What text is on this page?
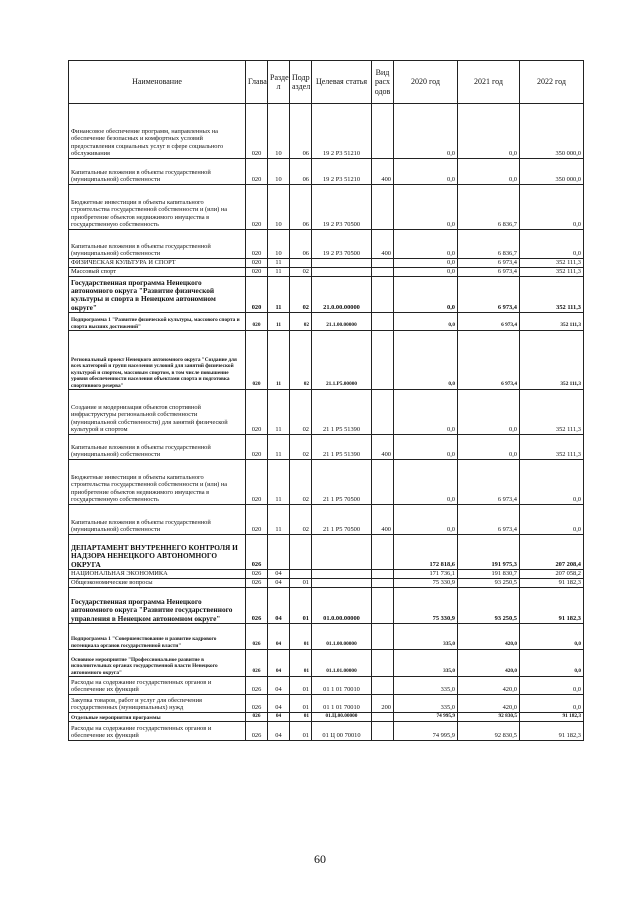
Наименование	Глава	Разде л	Подр аздел	Целевая статья	Вид расх одов	2020 год	2021 год	2022 год
Финансовое обеспечение программ, направленных на обеспечение безопасных и комфортных условий предоставления социальных услуг в сфере социального обслуживания	020	10	06	19 2 P3 51210		0,0	0,0	350 000,0
Капитальные вложения в объекты государственной (муниципальной) собственности	020	10	06	19 2 P3 51210	400	0,0	0,0	350 000,0
Бюджетные инвестиции в объекты капитального строительства государственной собственности и (или) на приобретение объектов недвижимого имущества в государственную собственность	020	10	06	19 2 P3 70500		0,0	6 836,7	0,0
Капитальные вложения в объекты государственной (муниципальной) собственности	020	10	06	19 2 P3 70500	400	0,0	6 836,7	0,0
ФИЗИЧЕСКАЯ КУЛЬТУРА И СПОРТ	020	11				0,0	6 973,4	352 111,3
Массовый спорт	020	11	02			0,0	6 973,4	352 111,3
Государственная программа Ненецкого автономного округа "Развитие физической культуры и спорта в Ненецком автономном округе"	020	11	02	21.0.00.00000		0,0	6 973,4	352 111,3
Подпрограмма 1 "Развитие физической культуры, массового спорта и спорта высших достижений"	020	11	02	21.1.00.00000		0,0	6 973,4	352 111,3
Региональный проект Ненецкого автономного округа "Создание для всех категорий и групп населения условий для занятий физической культурой и спортом, массовым спортом, в том числе повышение уровня обеспеченности населения объектами спорта и подготовка спортивного резерва"	020	11	02	21.1.P5.00000		0,0	6 973,4	352 111,3
Создание и модернизация объектов спортивной инфраструктуры региональной собственности (муниципальной собственности) для занятий физической культурой и спортом	020	11	02	21 1 P5 51390		0,0	0,0	352 111,3
Капитальные вложения в объекты государственной (муниципальной) собственности	020	11	02	21 1 P5 51390	400	0,0	0,0	352 111,3
Бюджетные инвестиции в объекты капитального строительства государственной собственности и (или) на приобретение объектов недвижимого имущества в государственную собственность	020	11	02	21 1 P5 70500		0,0	6 973,4	0,0
Капитальные вложения в объекты государственной (муниципальной) собственности	020	11	02	21 1 P5 70500	400	0,0	6 973,4	0,0
ДЕПАРТАМЕНТ ВНУТРЕННЕГО КОНТРОЛЯ И НАДЗОРА НЕНЕЦКОГО АВТОНОМНОГО ОКРУГА	026					172 818,6	191 975,3	207 208,4
НАЦИОНАЛЬНАЯ ЭКОНОМИКА	026	04				171 736,1	191 830,7	207 058,2
Общеэкономические вопросы	026	04	01			75 330,9	93 250,5	91 182,3
Государственная программа Ненецкого автономного округа "Развитие государственного управления в Ненецком автономном округе"	026	04	01	01.0.00.00000		75 330,9	93 250,5	91 182,3
Подпрограмма 1 "Совершенствование и развитие кадрового потенциала органов государственной власти"	026	04	01	01.1.00.00000		335,0	420,0	0,0
Основное мероприятие "Профессиональное развитие в исполнительных органах государственной власти Ненецкого автономного округа"	026	04	01	01.1.01.00000		335,0	420,0	0,0
Расходы на содержание государственных органов и обеспечение их функций	026	04	01	01 1 01 70010		335,0	420,0	0,0
Закупка товаров, работ и услуг для обеспечения государственных (муниципальных) нужд	026	04	01	01 1 01 70010	200	335,0	420,0	0,0
Отдельные мероприятия программы	026	04	01	01.Ц.00.00000		74 995,9	92 830,5	91 182,3
Расходы на содержание государственных органов и обеспечение их функций	026	04	01	01 Ц 00 70010		74 995,9	92 830,5	91 182,3
60
